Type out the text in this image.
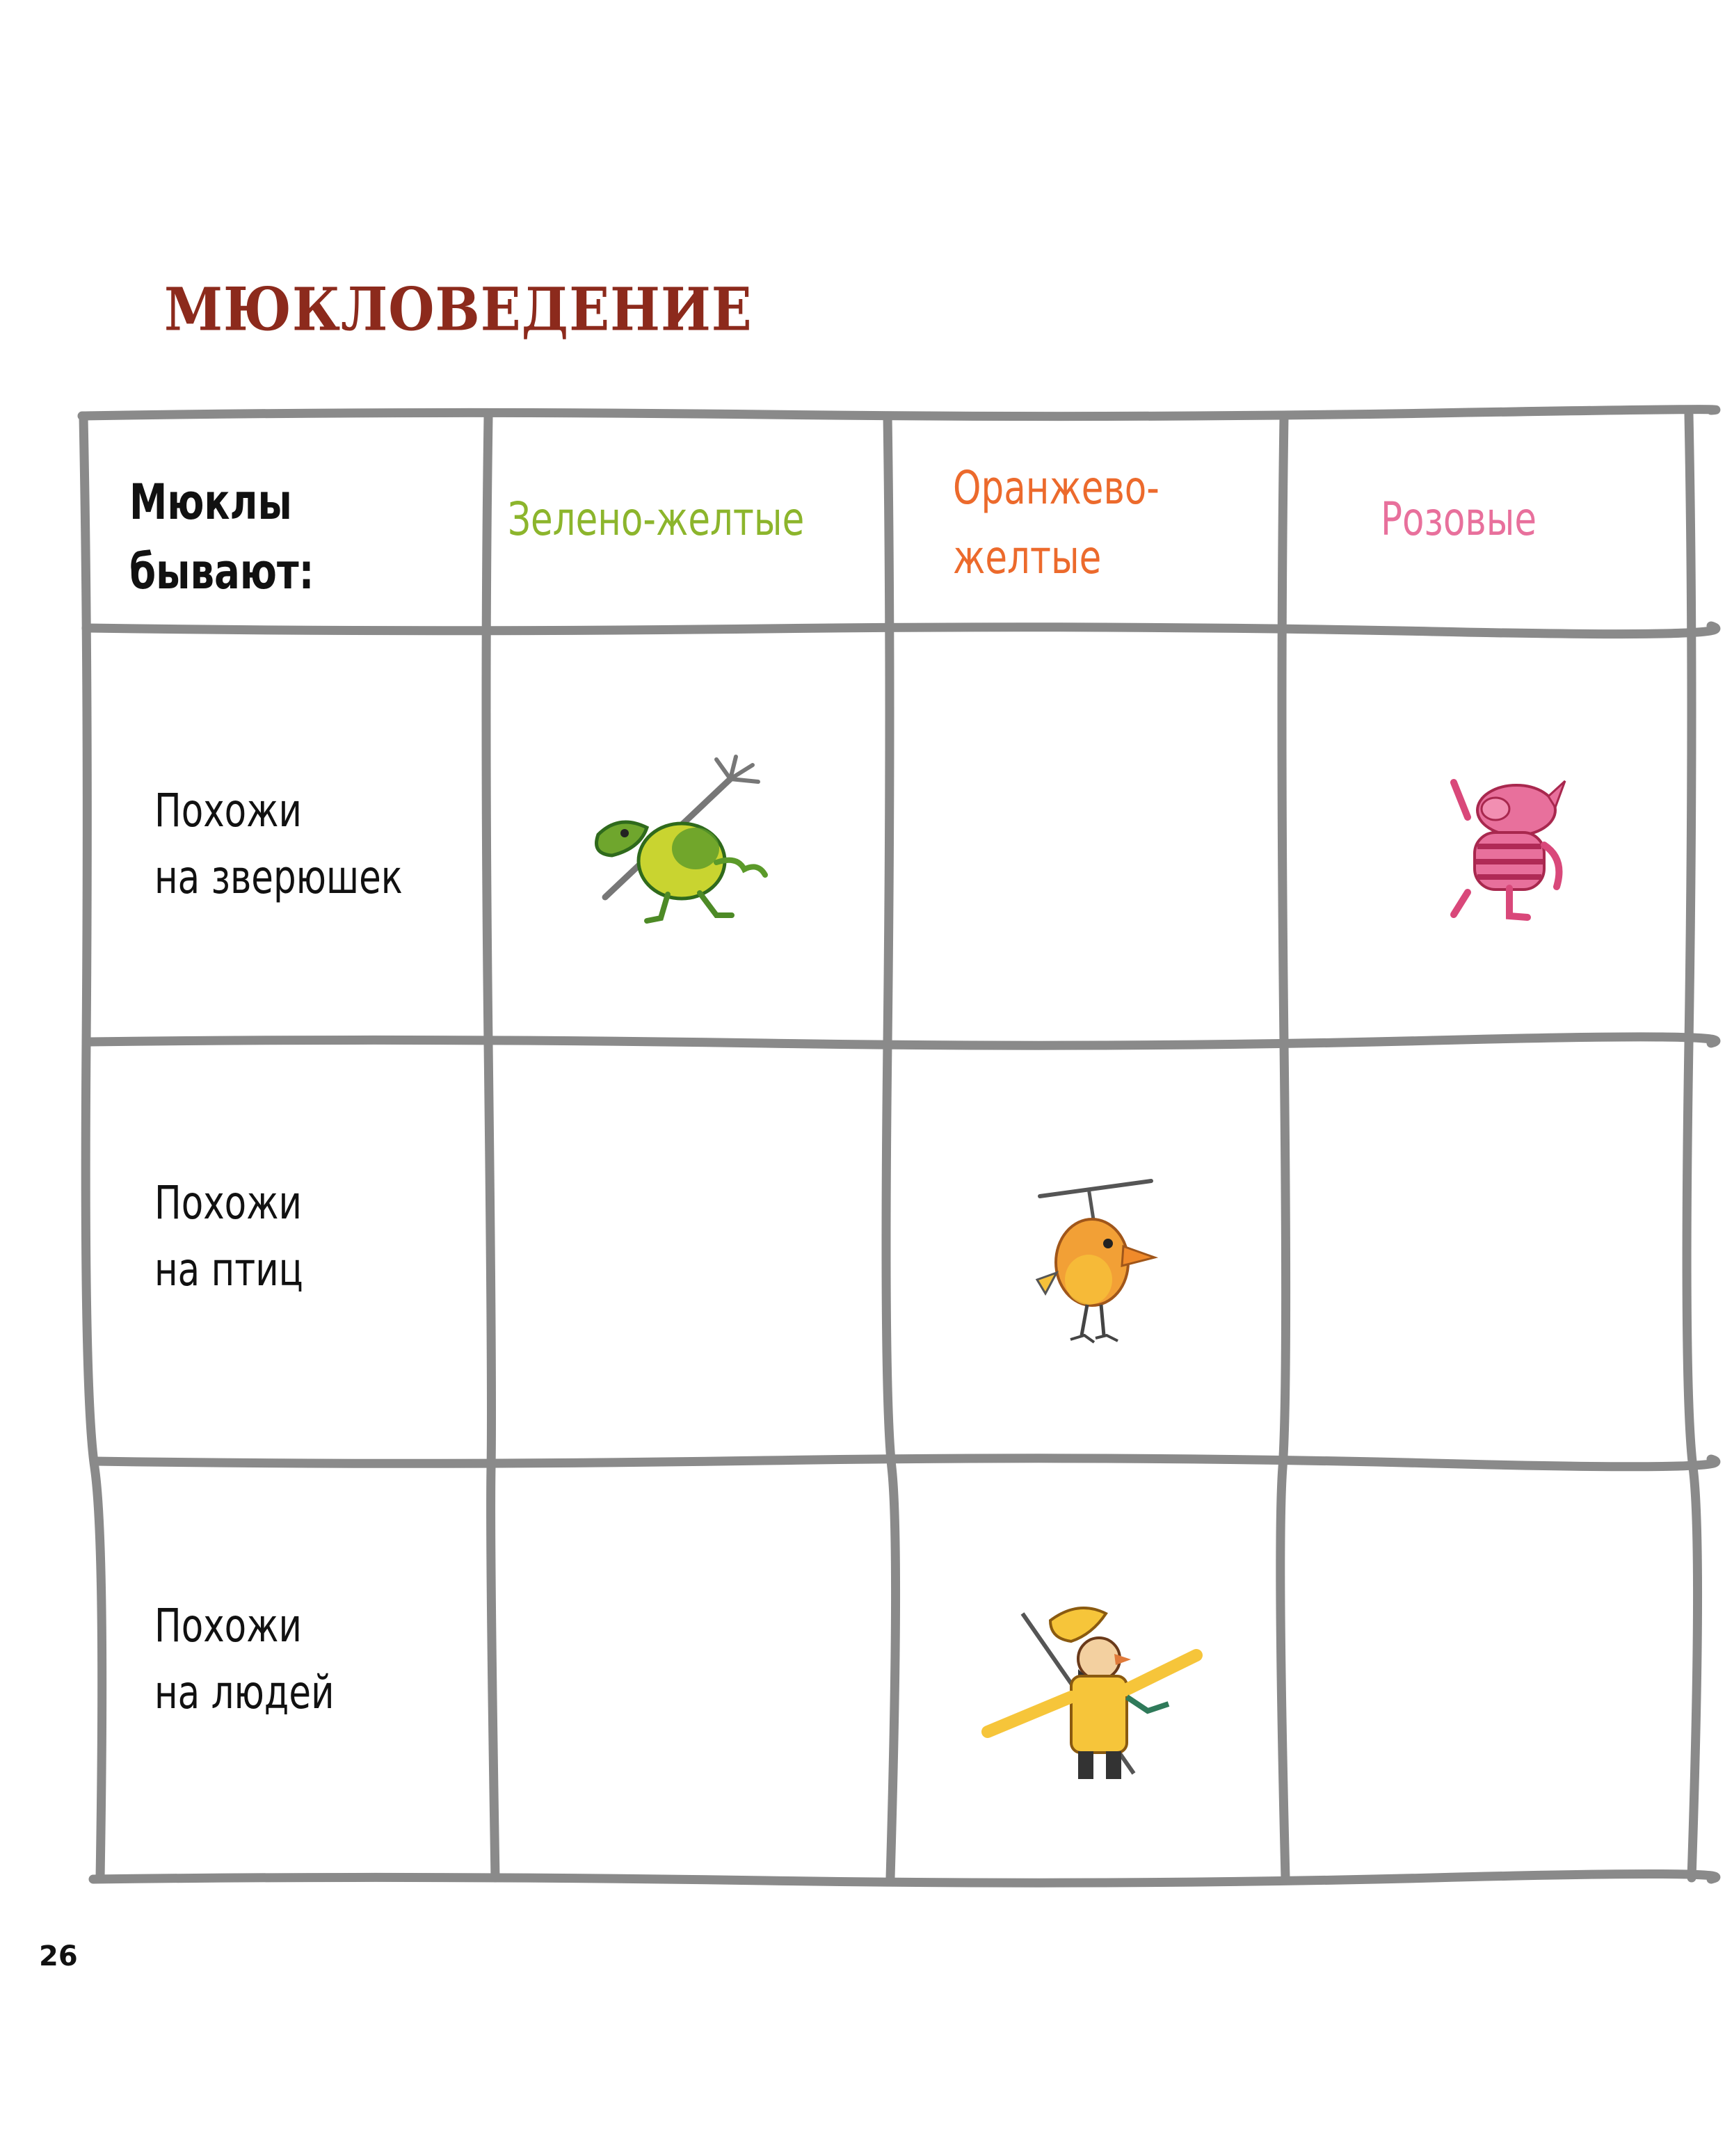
МЮКЛОВЕДЕНИЕ
Мюклы
бывают:
Зелено-желтые
Оранжево-
желтые
Розовые
Похожи
на зверюшек
Похожи
на птиц
Похожи
на людей
26
